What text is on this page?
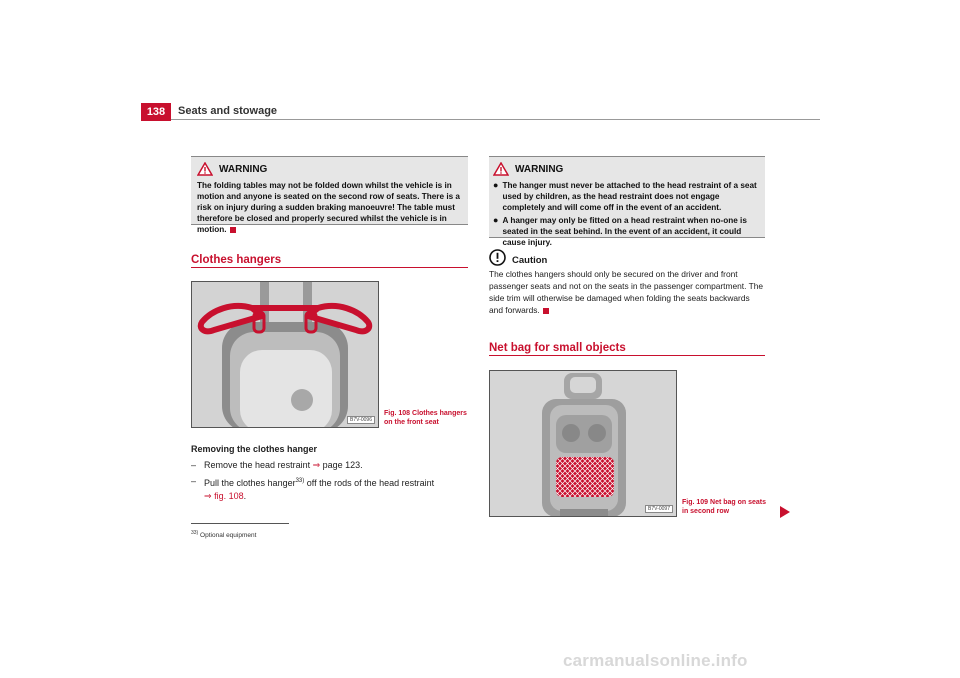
138	Seats and stowage
WARNING
The folding tables may not be folded down whilst the vehicle is in motion and anyone is seated on the second row of seats. There is a risk on injury during a sudden braking manoeuvre! The table must therefore be closed and properly secured whilst the vehicle is in motion.
Clothes hangers
B7V-0096
Fig. 108 Clothes hangers on the front seat

Removing the clothes hanger

– Remove the head restraint ⇒ page 123.
– Pull the clothes hanger$^{33)}$ off the rods of the head restraint
⇒ fig. 108.
$^{33)}$ Optional equipment
WARNING
● The hanger must never be attached to the head restraint of a seat used by children, as the head restraint does not engage completely and will come off in the event of an accident.
● A hanger may only be fitted on a head restraint when no-one is seated in the seat behind. In the event of an accident, it could cause injury.
Caution
The clothes hangers should only be secured on the driver and front passenger seats and not on the seats in the passenger compartment. The side trim will otherwise be damaged when folding the seats backwards and forwards.
Net bag for small objects
B7V-0097
Fig. 109 Net bag on seats in second row
carmanualsonline.info
